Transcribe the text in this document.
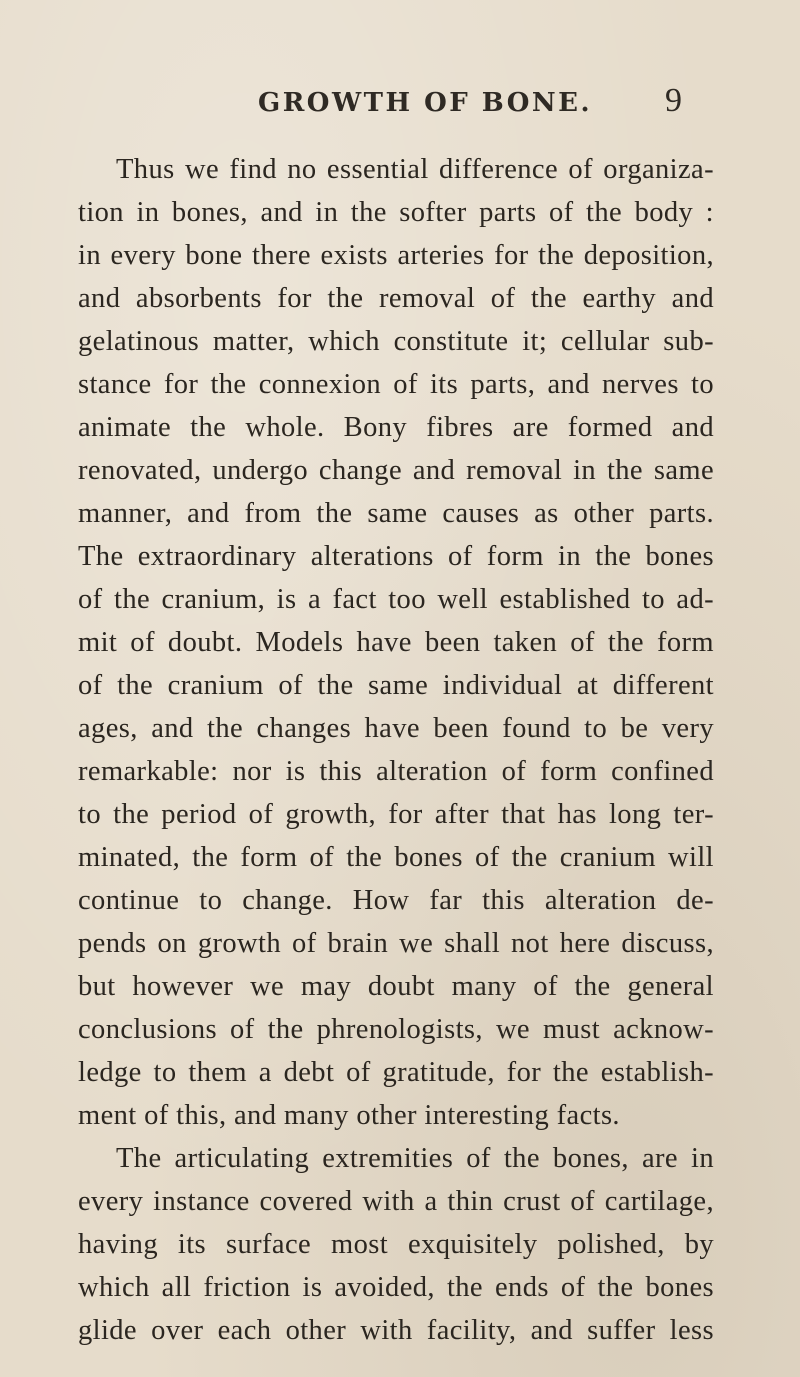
GROWTH OF BONE. 9
Thus we find no essential difference of organiza-
tion in bones, and in the softer parts of the body :
in every bone there exists arteries for the deposition,
and absorbents for the removal of the earthy and
gelatinous matter, which constitute it; cellular sub-
stance for the connexion of its parts, and nerves to
animate the whole. Bony fibres are formed and
renovated, undergo change and removal in the same
manner, and from the same causes as other parts.
The extraordinary alterations of form in the bones
of the cranium, is a fact too well established to ad-
mit of doubt. Models have been taken of the form
of the cranium of the same individual at different
ages, and the changes have been found to be very
remarkable: nor is this alteration of form confined
to the period of growth, for after that has long ter-
minated, the form of the bones of the cranium will
continue to change. How far this alteration de-
pends on growth of brain we shall not here discuss,
but however we may doubt many of the general
conclusions of the phrenologists, we must acknow-
ledge to them a debt of gratitude, for the establish-
ment of this, and many other interesting facts.
The articulating extremities of the bones, are in
every instance covered with a thin crust of cartilage,
having its surface most exquisitely polished, by
which all friction is avoided, the ends of the bones
glide over each other with facility, and suffer less
